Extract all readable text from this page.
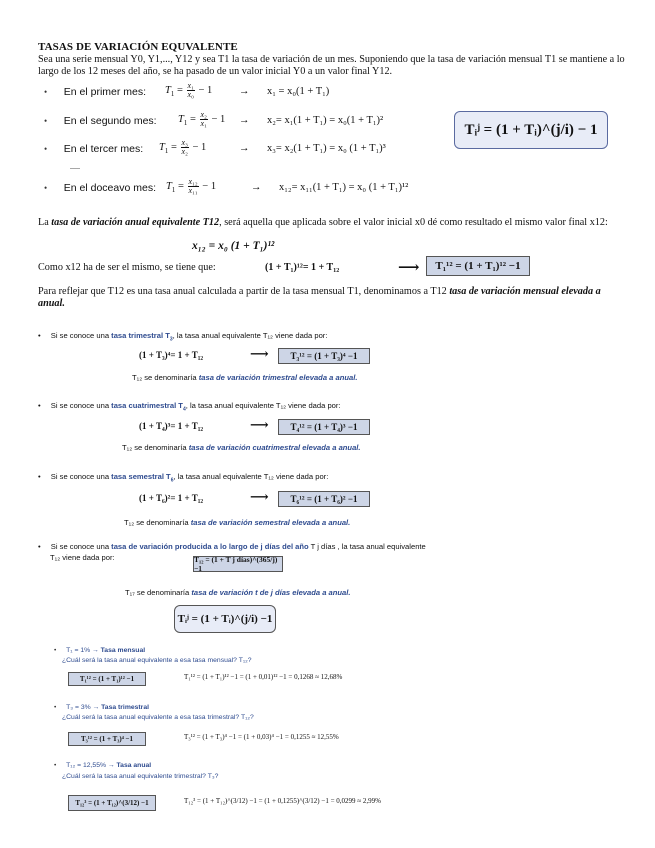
TASAS DE VARIACIÓN EQUVALENTE
Sea una serie mensual Y0, Y1,..., Y12 y sea T1 la tasa de variación de un mes. Suponiendo que la tasa de variación mensual T1 se mantiene a lo largo de los 12 meses del año, se ha pasado de un valor inicial Y0 a un valor final Y12.
• En el primer mes: $T_1 = \frac{\text{x₁}}{\text{x₀}} - 1$	→ x₁ = x₀(1 + T₁)
• En el segundo mes: $T_1 = \frac{\text{x₂}}{\text{x₁}} - 1 \to x_2= x_1(1 + T_1) = x_0(1 + T_1)^2$
• En el tercer mes: $T_1 = \frac{\text{x₃}}{\text{x₂}} - 1$	→ x₃= x₂(1 + T₁) = x₀ (1 + T₁)³
.....
• En el doceavo mes: $T_1 = \frac{\text{x₁₂}}{\text{x₁₁}} - 1$	→ x₁₂= x₁₁(1 + T₁) = x₀ (1 + T₁)¹²
Tᵢʲ = (1 + Tᵢ)^(j/i) − 1
La tasa de variación anual equivalente T12, será aquella que aplicada sobre el valor inicial x0 dé como resultado el mismo valor final x12:
x₁₂ = x₀ (1 + T₁)¹²
Como x12 ha de ser el mismo, se tiene que:	(1 + T₁)¹²= 1 + T₁₂	⟶ T₁¹² = (1 + T₁)¹² −1
Para reflejar que T12 es una tasa anual calculada a partir de la tasa mensual T1, denominamos a T12 tasa de variación mensual elevada a anual.
• Si se conoce una tasa trimestral $T_3$, la tasa anual equivalente T₁₂ viene dada por:
(1 + T₃)⁴= 1 + T₁₂	⟶ T₃¹² = (1 + T₃)⁴ −1
T₁₂ se denominaría tasa de variación trimestral elevada a anual.
• Si se conoce una tasa cuatrimestral $T_4$, la tasa anual equivalente T₁₂ viene dada por:
(1 + T₄)³= 1 + T₁₂	⟶ T₄¹² = (1 + T₄)³ −1
T₁₂ se denominaría tasa de variación cuatrimestral elevada a anual.
• Si se conoce una tasa semestral $T_6$, la tasa anual equivalente T₁₂ viene dada por:
(1 + T₆)²= 1 + T₁₂	⟶ T₆¹² = (1 + T₆)² −1
T₁₂ se denominaría tasa de variación semestral elevada a anual.
• Si se conoce una tasa de variación producida a lo largo de j días del año T j días , la tasa anual equivalente
T₁₂ viene dada por:	T₁₂ = (1 + T j días)^(365/j) −1
T₁₇ se denominaría tasa de variación t de j días elevada a anual.
Tᵢʲ = (1 + Tᵢ)^(j/i) −1
• T₁ = 1% → Tasa mensual
¿Cuál será la tasa anual equivalente a esa tasa mensual? T₁₂?
T₁¹² = (1 + T₁)¹² −1	T₁¹² = (1 + T₁)¹² −1 = (1 + 0,01)¹² −1 = 0,1268 ≈ 12,68%
• T₃ = 3% → Tasa trimestral
¿Cuál será la tasa anual equivalente a esa tasa trimestral? T₁₂?
T₃¹² = (1 + T₃)⁴ −1	T₃¹² = (1 + T₃)⁴ −1 = (1 + 0,03)⁴ −1 = 0,1255 ≈ 12,55%
• T₁₂ = 12,55% → Tasa anual
¿Cuál será la tasa anual equivalente trimestral? T₃?
T₁₂³ = (1 + T₁₂)^(3/12) −1	T₁₂³ = (1 + T₁₂)^(3/12) −1 = (1 + 0,1255)^(3/12) −1 = 0,0299 ≈ 2,99%
